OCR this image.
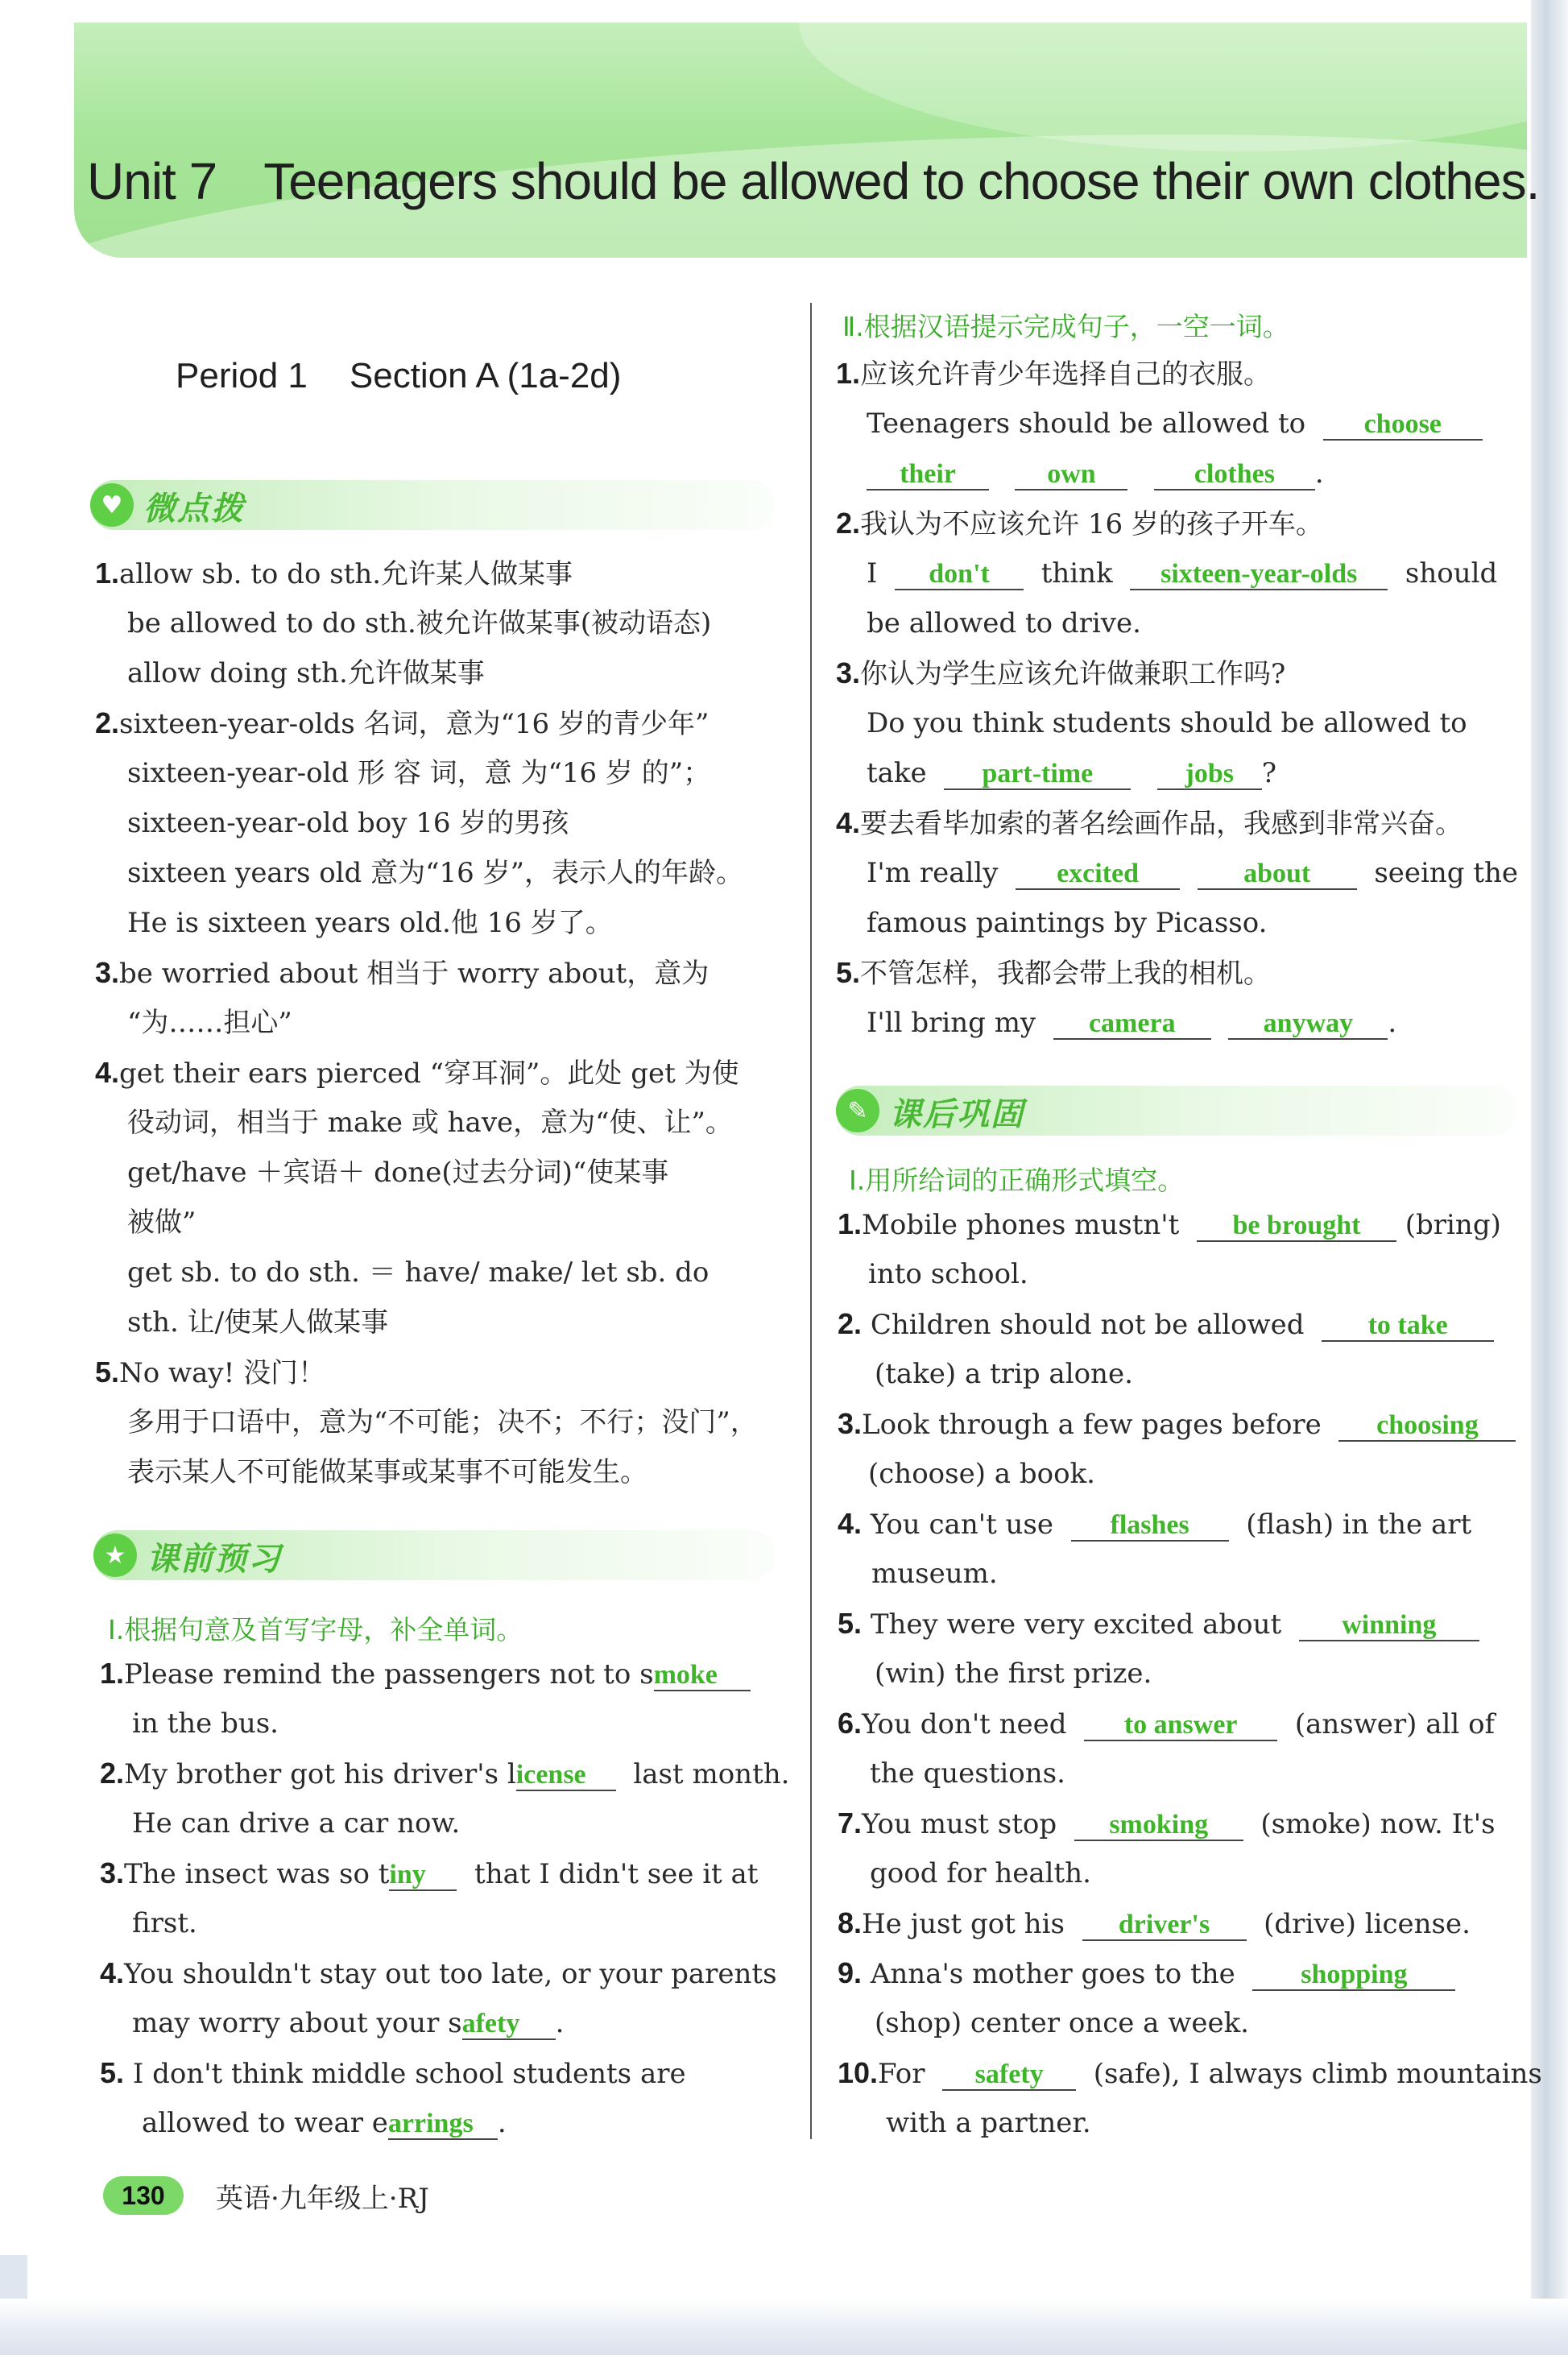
Unit 7 Teenagers should be allowed to choose their own clothes.
Period 1 Section A (1a-2d)
♥ 微点拨
1.allow sb. to do sth.允许某人做某事
be allowed to do sth.被允许做某事(被动语态)
allow doing sth.允许做某事
2.sixteen-year-olds 名词，意为“16 岁的青少年”
sixteen-year-old 形 容 词，意 为“16 岁 的”；
sixteen-year-old boy 16 岁的男孩
sixteen years old 意为“16 岁”，表示人的年龄。
He is sixteen years old.他 16 岁了。
3.be worried about 相当于 worry about，意为
“为……担心”
4.get their ears pierced “穿耳洞”。此处 get 为使
役动词，相当于 make 或 have，意为“使、让”。
get/have ＋宾语＋ done(过去分词)“使某事
被做”
get sb. to do sth. ＝ have/ make/ let sb. do
sth. 让/使某人做某事
5.No way! 没门！
多用于口语中，意为“不可能；决不；不行；没门”，
表示某人不可能做某事或某事不可能发生。
★ 课前预习
Ⅰ.根据句意及首写字母，补全单词。
1.Please remind the passengers not to smoke
in the bus.
2.My brother got his driver's license last month.
He can drive a car now.
3.The insect was so tiny that I didn't see it at
first.
4.You shouldn't stay out too late, or your parents
may worry about your safety .
5. I don't think middle school students are
allowed to wear earrings .
Ⅱ.根据汉语提示完成句子，一空一词。
1.应该允许青少年选择自己的衣服。
Teenagers should be allowed to choose
their	own	clothes .
2.我认为不应该允许 16 岁的孩子开车。
I don't think sixteen-year-olds should
be allowed to drive.
3.你认为学生应该允许做兼职工作吗?
Do you think students should be allowed to
take part-time	jobs ?
4.要去看毕加索的著名绘画作品，我感到非常兴奋。
I'm really excited	about seeing the
famous paintings by Picasso.
5.不管怎样，我都会带上我的相机。
I'll bring my camera	anyway .
✎ 课后巩固
Ⅰ.用所给词的正确形式填空。
1.Mobile phones mustn't be brought (bring)
into school.
2. Children should not be allowed to take
(take) a trip alone.
3.Look through a few pages before choosing
(choose) a book.
4. You can't use flashes (flash) in the art
museum.
5. They were very excited about winning
(win) the first prize.
6.You don't need to answer (answer) all of
the questions.
7.You must stop smoking (smoke) now. It's
good for health.
8.He just got his driver's (drive) license.
9. Anna's mother goes to the shopping
(shop) center once a week.
10.For safety (safe), I always climb mountains
with a partner.
130	英语·九年级上·RJ
